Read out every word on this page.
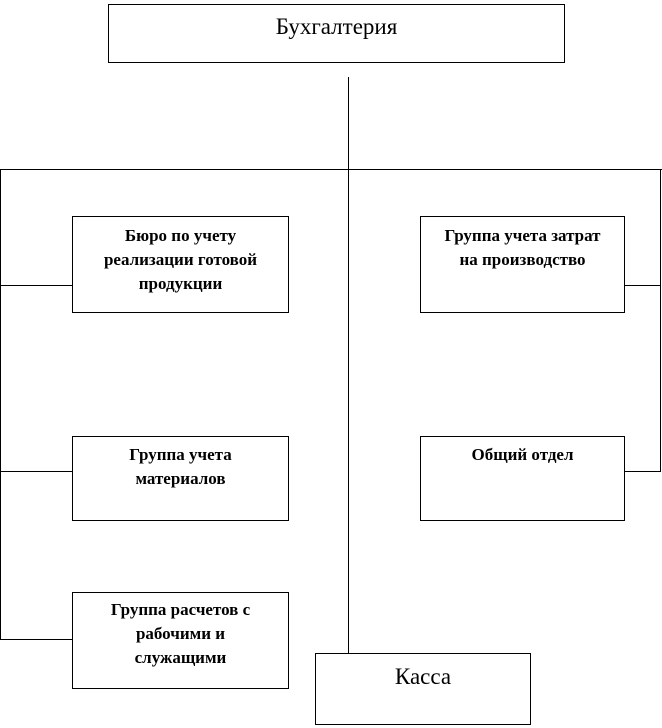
Бухгалтерия
Бюро по учету
реализации готовой
продукции
Группа учета
материалов
Группа расчетов с
рабочими и
служащими
Группа учета затрат
на производство
Общий отдел
Касса
